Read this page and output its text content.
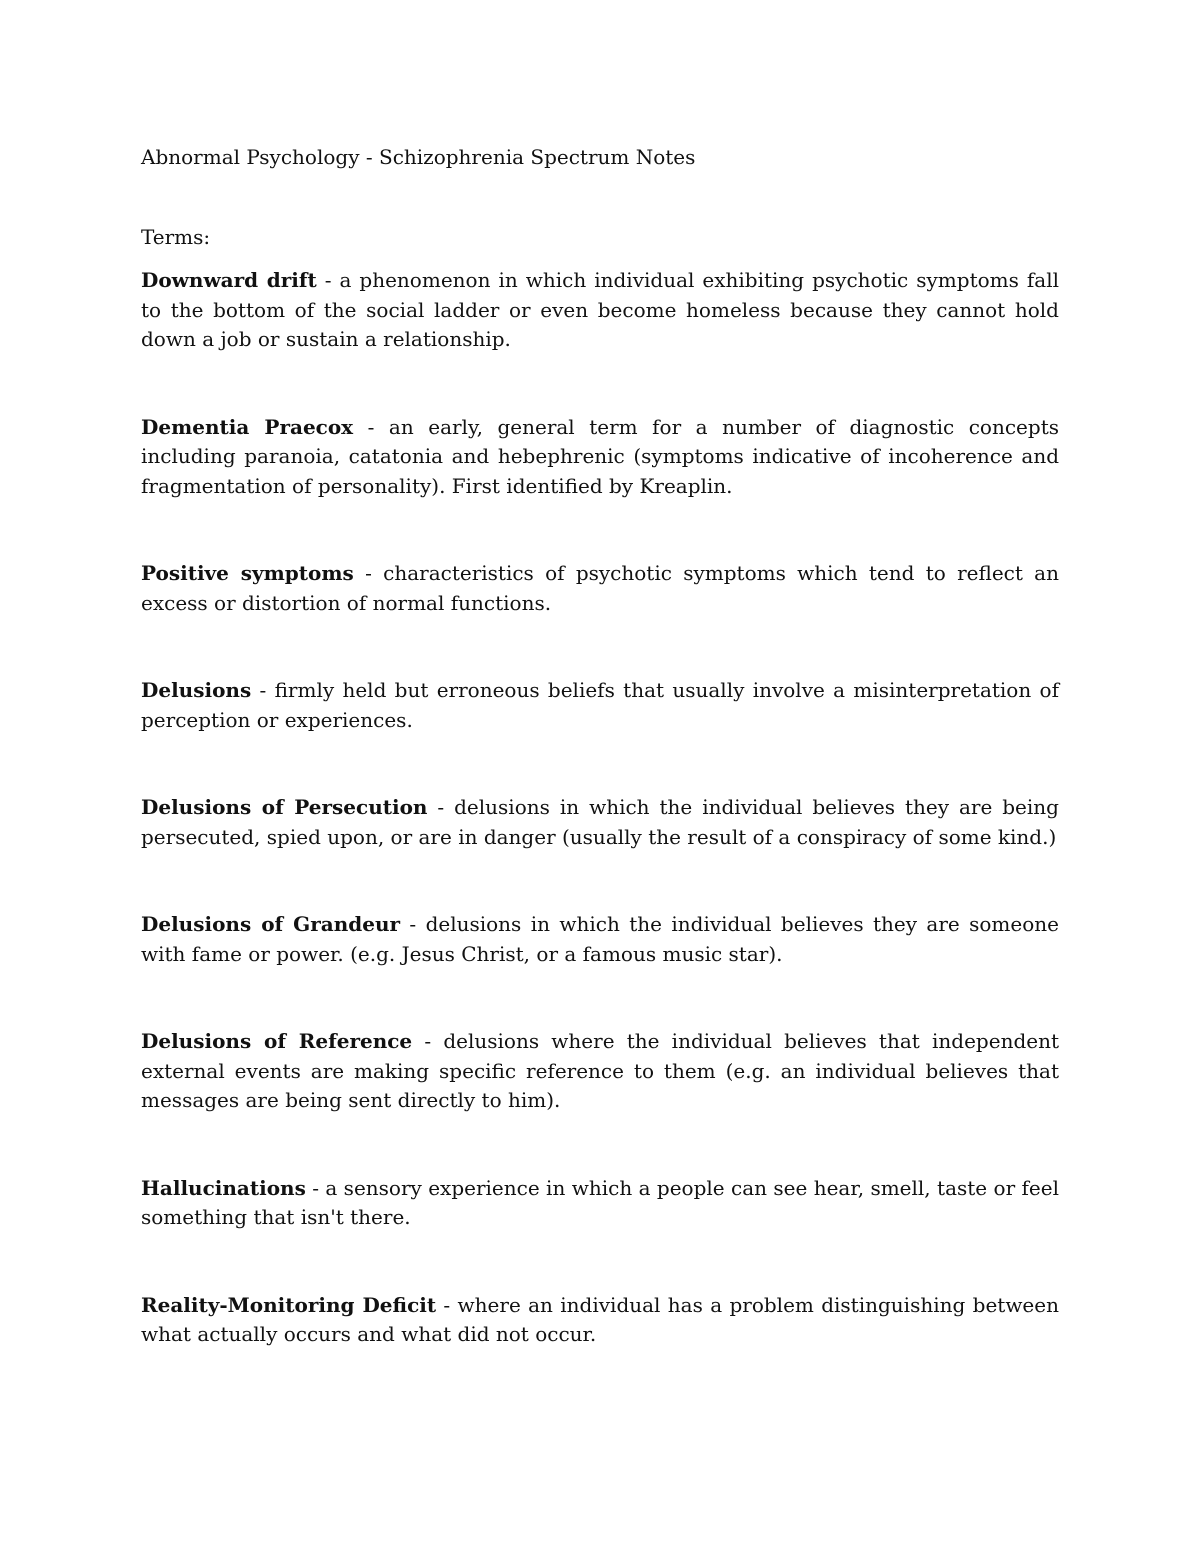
Abnormal Psychology - Schizophrenia Spectrum Notes

Terms:

Downward drift - a phenomenon in which individual exhibiting psychotic symptoms fall to the bottom of the social ladder or even become homeless because they cannot hold down a job or sustain a relationship.
Dementia Praecox - an early, general term for a number of diagnostic concepts including paranoia, catatonia and hebephrenic (symptoms indicative of incoherence and fragmentation of personality). First identified by Kreaplin.
Positive symptoms - characteristics of psychotic symptoms which tend to reflect an excess or distortion of normal functions.
Delusions - firmly held but erroneous beliefs that usually involve a misinterpretation of perception or experiences.
Delusions of Persecution - delusions in which the individual believes they are being persecuted, spied upon, or are in danger (usually the result of a conspiracy of some kind.)
Delusions of Grandeur - delusions in which the individual believes they are someone with fame or power. (e.g. Jesus Christ, or a famous music star).
Delusions of Reference - delusions where the individual believes that independent external events are making specific reference to them (e.g. an individual believes that messages are being sent directly to him).
Hallucinations - a sensory experience in which a people can see hear, smell, taste or feel something that isn't there.
Reality-Monitoring Deficit - where an individual has a problem distinguishing between what actually occurs and what did not occur.
